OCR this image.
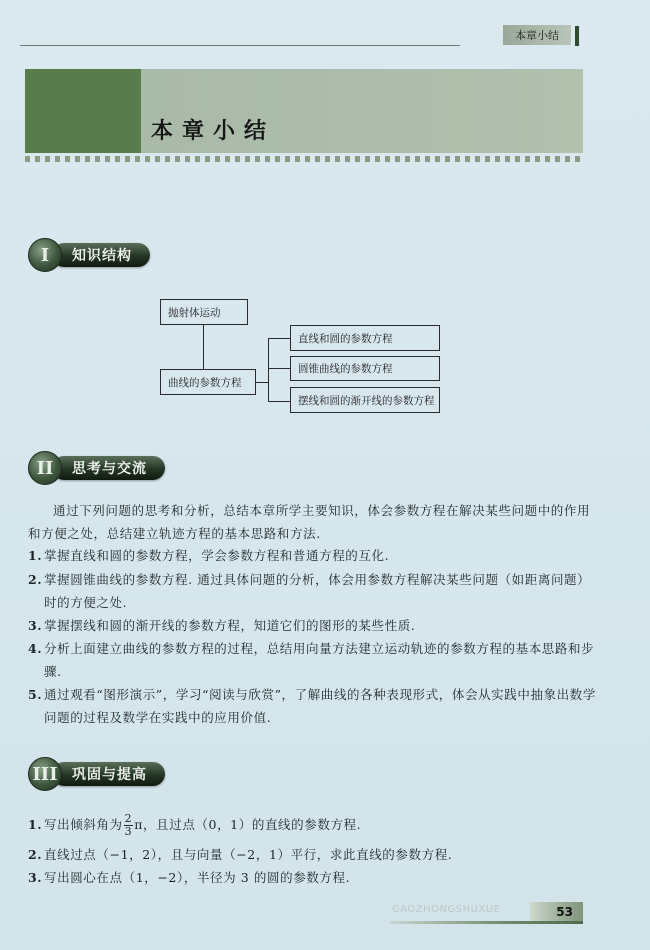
本章小结
本章小结
I	知识结构
抛射体运动
曲线的参数方程
直线和圆的参数方程
圆锥曲线的参数方程
摆线和圆的渐开线的参数方程
II	思考与交流
通过下列问题的思考和分析，总结本章所学主要知识，体会参数方程在解决某些问题中的作用和方便之处，总结建立轨迹方程的基本思路和方法.
1. 掌握直线和圆的参数方程，学会参数方程和普通方程的互化.
2. 掌握圆锥曲线的参数方程. 通过具体问题的分析，体会用参数方程解决某些问题（如距离问题）时的方便之处.
3. 掌握摆线和圆的渐开线的参数方程，知道它们的图形的某些性质.
4. 分析上面建立曲线的参数方程的过程，总结用向量方法建立运动轨迹的参数方程的基本思路和步骤.
5. 通过观看“图形演示”，学习“阅读与欣赏”，了解曲线的各种表现形式，体会从实践中抽象出数学问题的过程及数学在实践中的应用价值.
III	巩固与提高
1. 写出倾斜角为 $\frac{2}{3}$ π，且过点（0，1）的直线的参数方程.
2. 直线过点（−1，2），且与向量（−2，1）平行，求此直线的参数方程.
3. 写出圆心在点（1，−2），半径为 3 的圆的参数方程.
GAOZHONGSHUXUE	53
